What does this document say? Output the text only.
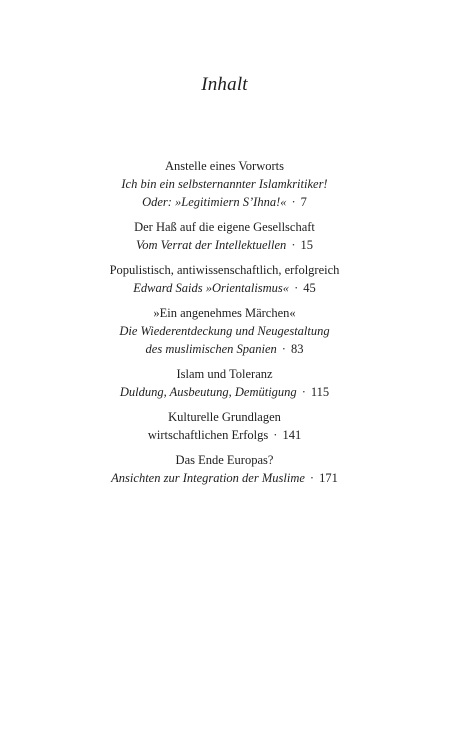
Inhalt
Anstelle eines Vorworts
Ich bin ein selbsternannter Islamkritiker!
Oder: »Legitimiern S’Ihna!« · 7
Der Haß auf die eigene Gesellschaft
Vom Verrat der Intellektuellen · 15
Populistisch, antiwissenschaftlich, erfolgreich
Edward Saids »Orientalismus« · 45
»Ein angenehmes Märchen«
Die Wiederentdeckung und Neugestaltung
des muslimischen Spanien · 83
Islam und Toleranz
Duldung, Ausbeutung, Demütigung · 115
Kulturelle Grundlagen
wirtschaftlichen Erfolgs · 141
Das Ende Europas?
Ansichten zur Integration der Muslime · 171
